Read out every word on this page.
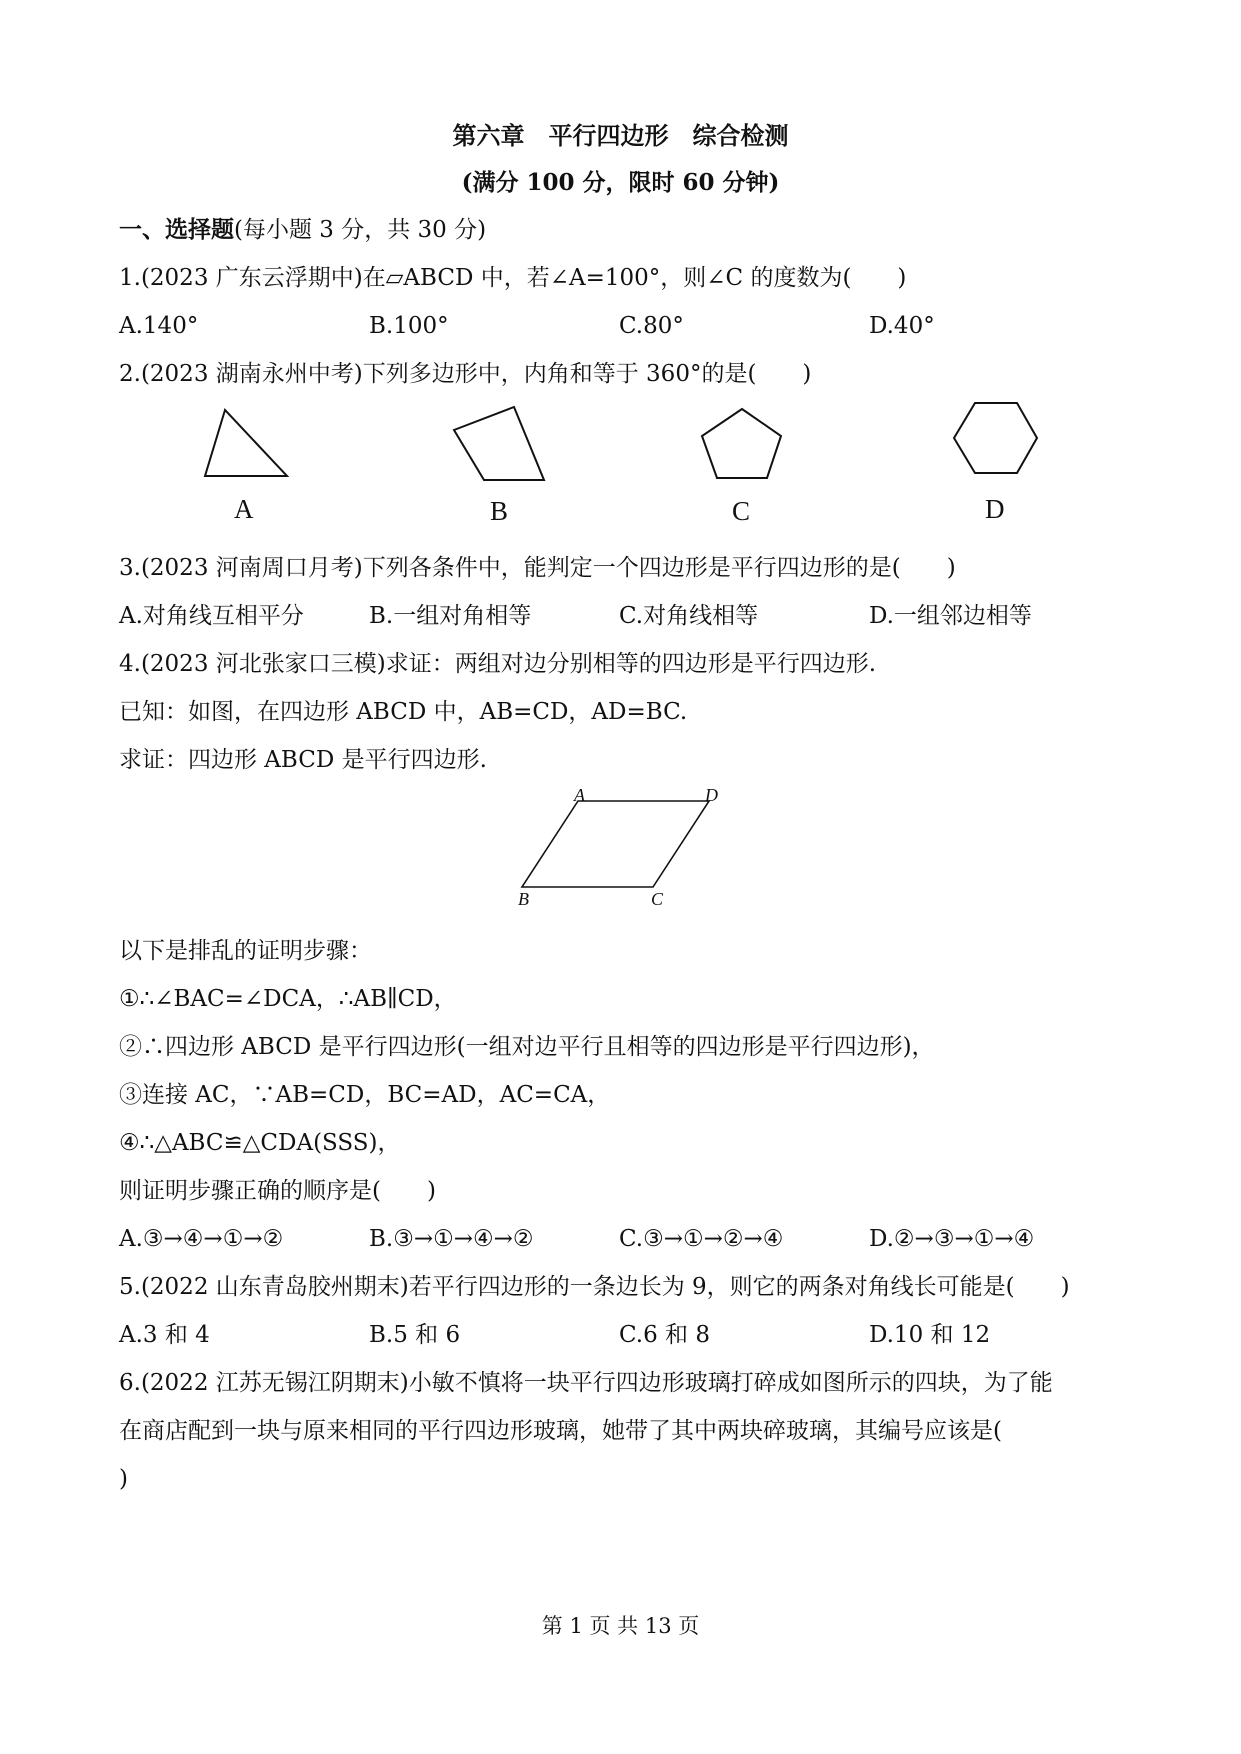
第六章　平行四边形　综合检测
(满分 100 分，限时 60 分钟)
一、选择题(每小题 3 分，共 30 分)
1.(2023 广东云浮期中)在▱ABCD 中，若∠A=100°，则∠C 的度数为(　　)
A.140°	B.100°	C.80°	D.40°
2.(2023 湖南永州中考)下列多边形中，内角和等于 360°的是(　　)
A	B	C	D
3.(2023 河南周口月考)下列各条件中，能判定一个四边形是平行四边形的是(　　)
A.对角线互相平分	B.一组对角相等	C.对角线相等	D.一组邻边相等
4.(2023 河北张家口三模)求证：两组对边分别相等的四边形是平行四边形.
已知：如图，在四边形 ABCD 中，AB=CD，AD=BC.
求证：四边形 ABCD 是平行四边形.
A	D
B	C
以下是排乱的证明步骤：
①∴∠BAC=∠DCA，∴AB∥CD，
②∴四边形 ABCD 是平行四边形(一组对边平行且相等的四边形是平行四边形)，
③连接 AC，∵AB=CD，BC=AD，AC=CA，
④∴△ABC≌△CDA(SSS)，
则证明步骤正确的顺序是(　　)
A.③→④→①→②	B.③→①→④→②	C.③→①→②→④	D.②→③→①→④
5.(2022 山东青岛胶州期末)若平行四边形的一条边长为 9，则它的两条对角线长可能是(　　)
A.3 和 4	B.5 和 6	C.6 和 8	D.10 和 12
6.(2022 江苏无锡江阴期末)小敏不慎将一块平行四边形玻璃打碎成如图所示的四块，为了能
在商店配到一块与原来相同的平行四边形玻璃，她带了其中两块碎玻璃，其编号应该是(
)
第 1 页 共 13 页
